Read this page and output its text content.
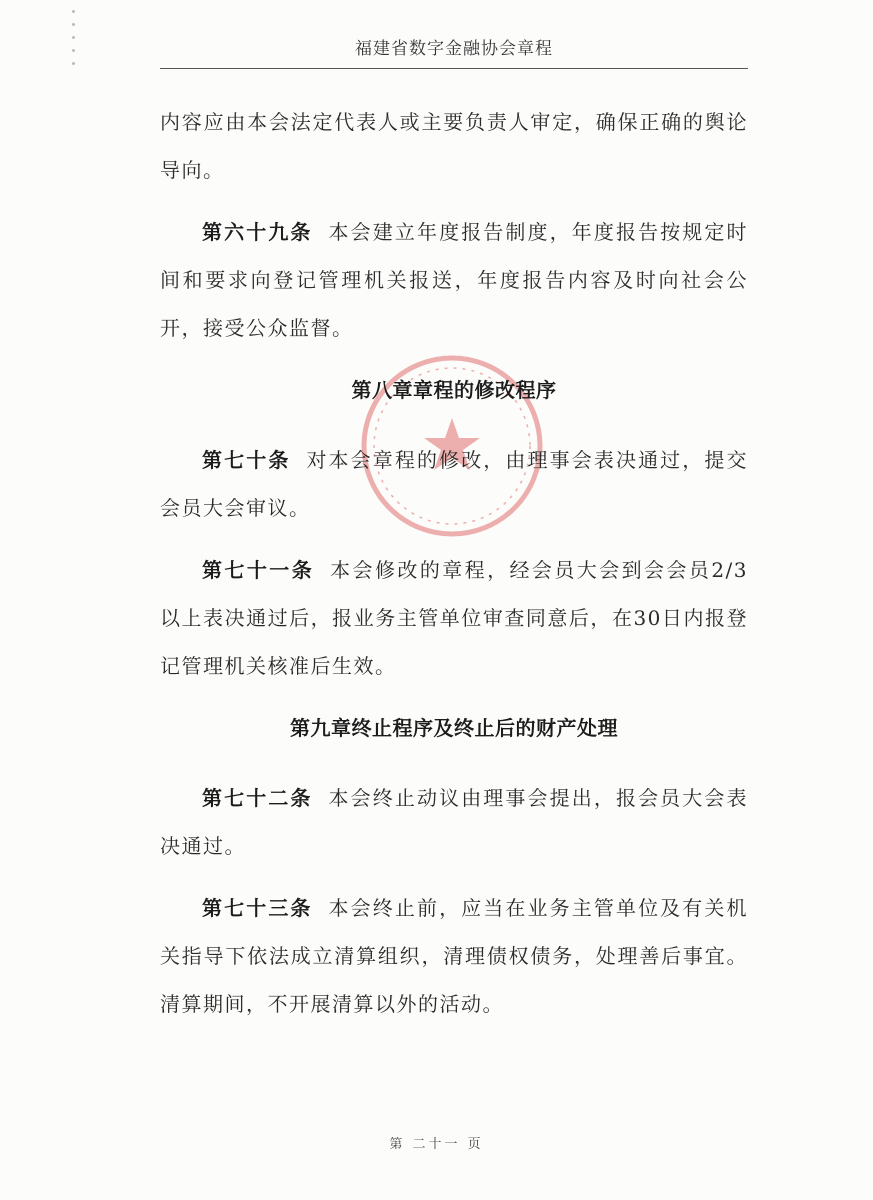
福建省数字金融协会章程

内容应由本会法定代表人或主要负责人审定，确保正确的舆论导向。

第六十九条 本会建立年度报告制度，年度报告按规定时间和要求向登记管理机关报送，年度报告内容及时向社会公开，接受公众监督。

第八章章程的修改程序

第七十条 对本会章程的修改，由理事会表决通过，提交会员大会审议。

第七十一条 本会修改的章程，经会员大会到会会员2/3以上表决通过后，报业务主管单位审查同意后，在30日内报登记管理机关核准后生效。

第九章终止程序及终止后的财产处理

第七十二条 本会终止动议由理事会提出，报会员大会表决通过。

第七十三条 本会终止前，应当在业务主管单位及有关机关指导下依法成立清算组织，清理债权债务，处理善后事宜。清算期间，不开展清算以外的活动。

第 二十一 页
